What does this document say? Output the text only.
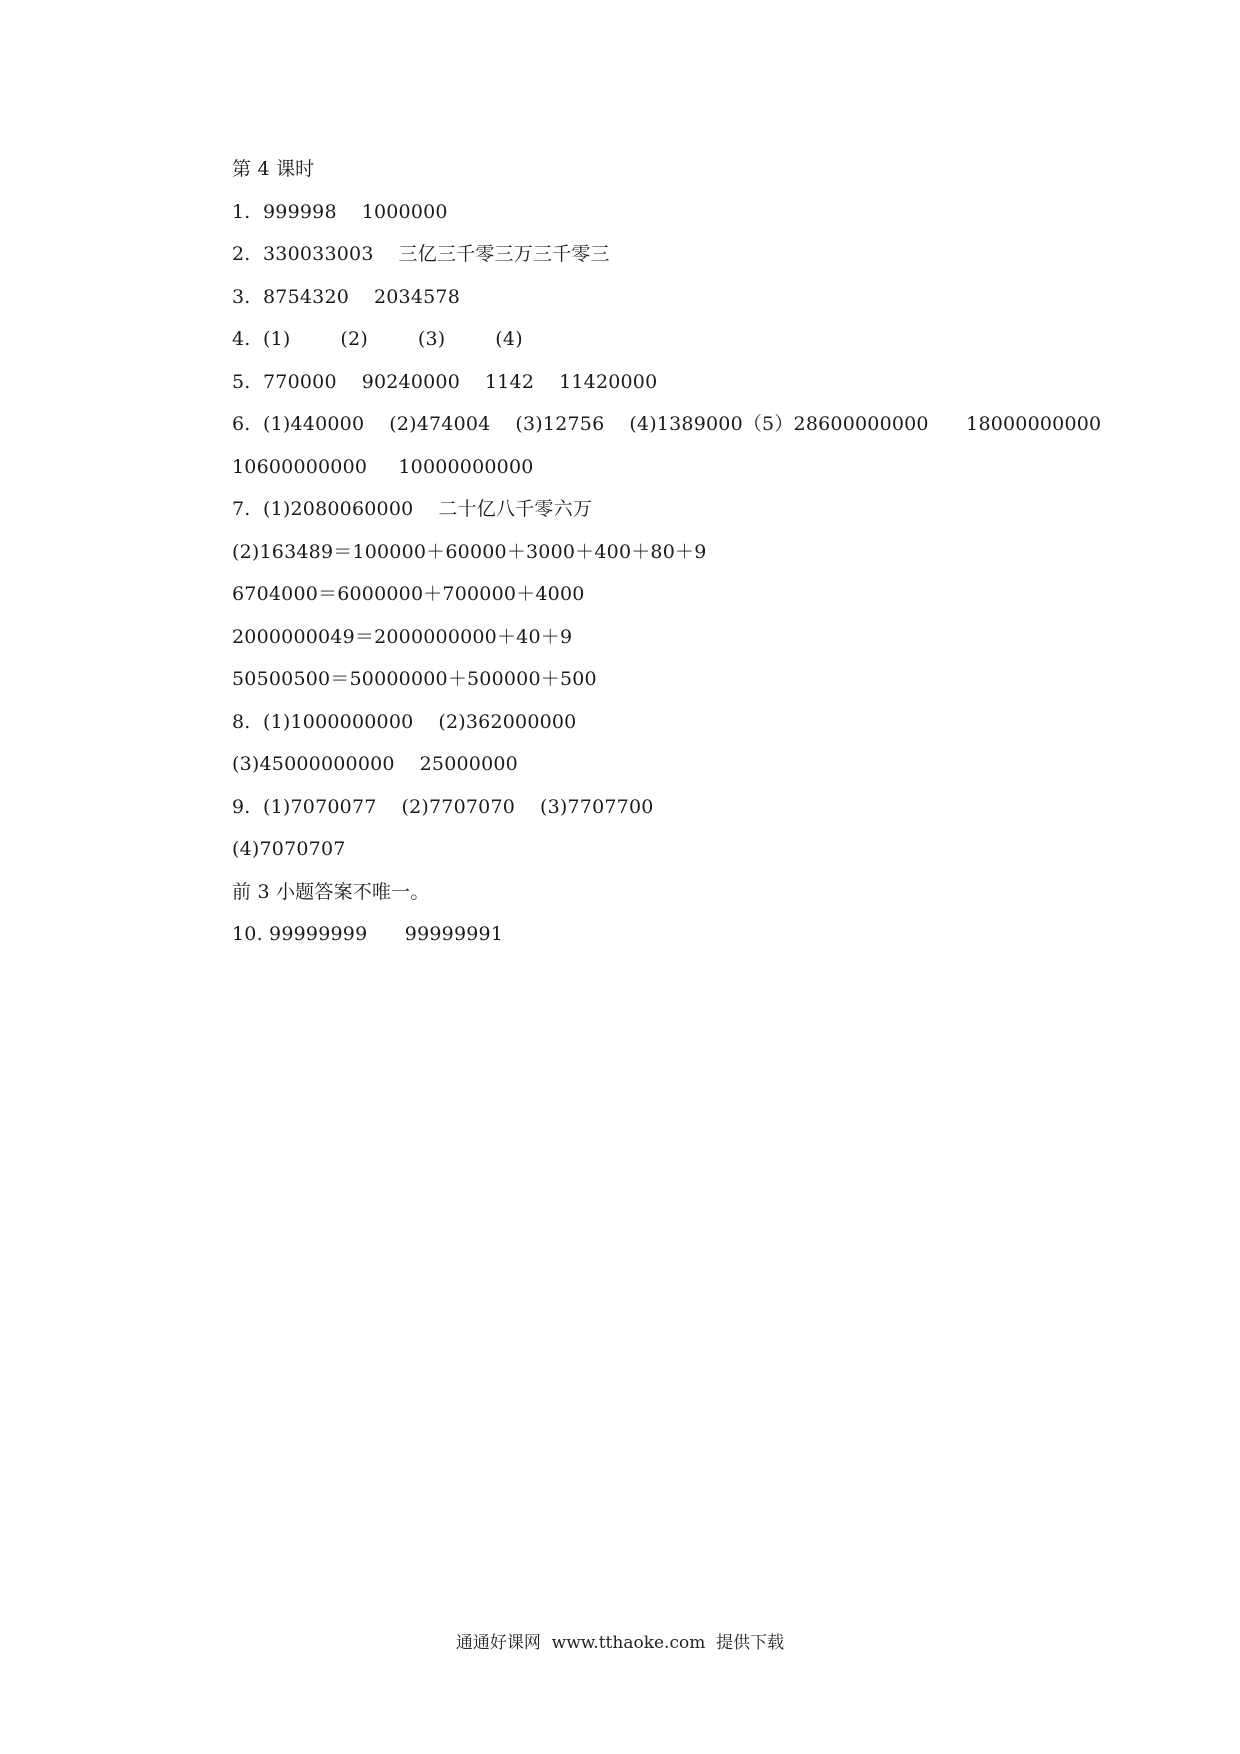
第 4 课时
1.  999998    1000000
2.  330033003    三亿三千零三万三千零三
3.  8754320    2034578
4.  (1)        (2)        (3)        (4)
5.  770000    90240000    1142    11420000
6.  (1)440000    (2)474004    (3)12756    (4)1389000（5）28600000000      18000000000
10600000000     10000000000
7.  (1)2080060000    二十亿八千零六万
(2)163489＝100000＋60000＋3000＋400＋80＋9
6704000＝6000000＋700000＋4000
2000000049＝2000000000＋40＋9
50500500＝50000000＋500000＋500
8.  (1)1000000000    (2)362000000
(3)45000000000    25000000
9.  (1)7070077    (2)7707070    (3)7707700
(4)7070707
前 3 小题答案不唯一。
10. 99999999      99999991
通通好课网  www.tthaoke.com  提供下载
